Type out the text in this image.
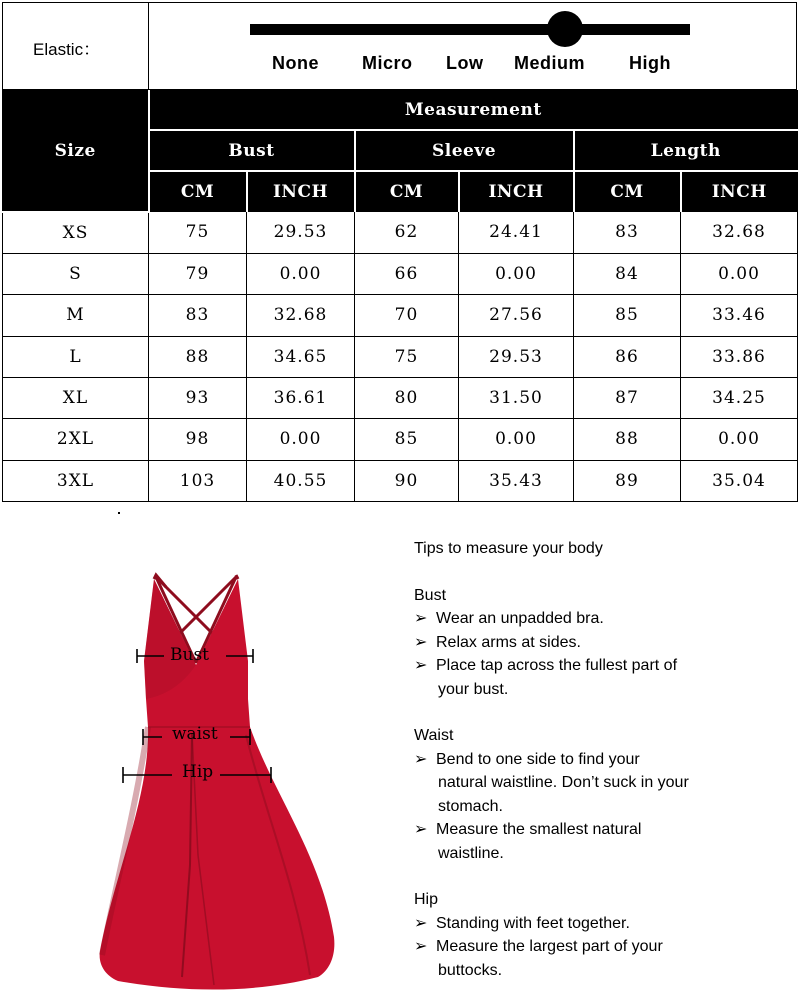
Elastic：
None Micro Low Medium High
Size	Measurement					
	Bust		Sleeve		Length	
	CM	INCH	CM	INCH	CM	INCH
XS	75	29.53	62	24.41	83	32.68
S	79	0.00	66	0.00	84	0.00
M	83	32.68	70	27.56	85	33.46
L	88	34.65	75	29.53	86	33.86
XL	93	36.61	80	31.50	87	34.25
2XL	98	0.00	85	0.00	88	0.00
3XL	103	40.55	90	35.43	89	35.04
Bust
waist
Hip

Tips to measure your body

Bust

➢ Wear an unpadded bra.
➢ Relax arms at sides.
➢ Place tap across the fullest part of

your bust.

Waist

➢ Bend to one side to find your

natural waistline. Don’t suck in your

stomach.

➢ Measure the smallest natural

waistline.

Hip

➢ Standing with feet together.
➢ Measure the largest part of your

buttocks.
